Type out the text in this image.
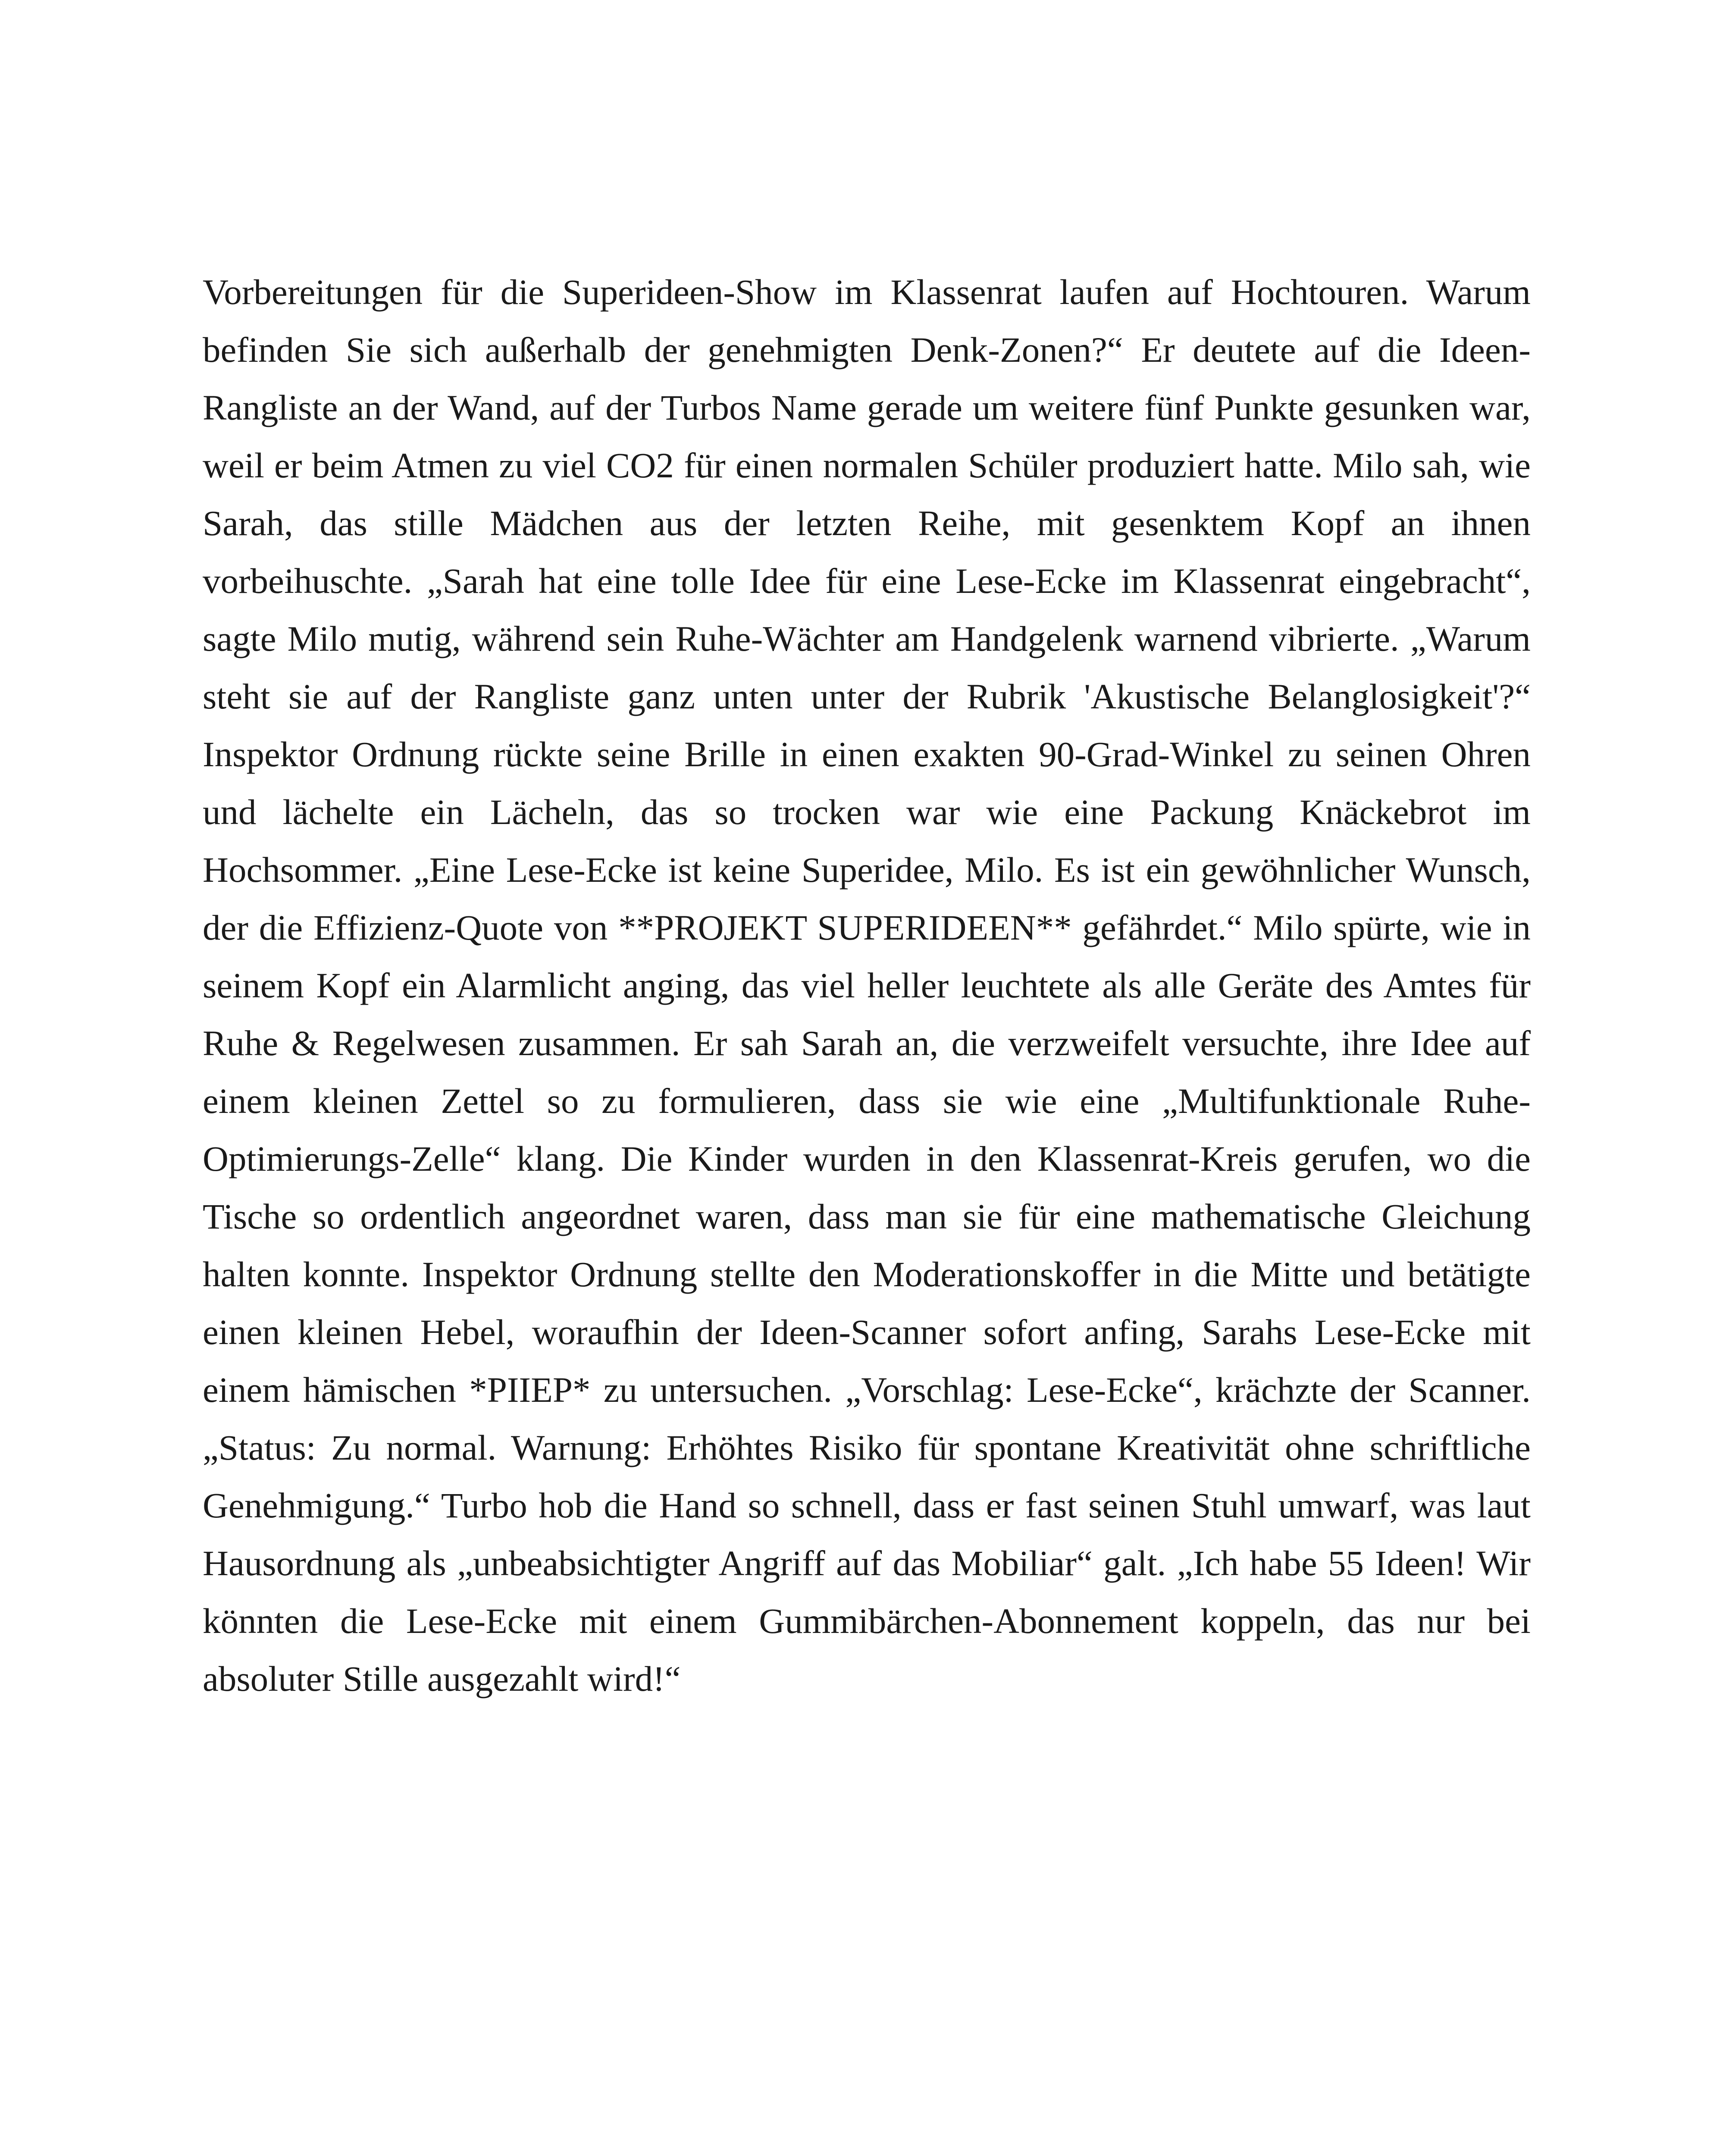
Vorbereitungen für die Superideen-Show im Klassenrat laufen auf Hochtouren. Warum befinden Sie sich außerhalb der genehmigten Denk-Zonen?“ Er deutete auf die Ideen-Rangliste an der Wand, auf der Turbos Name gerade um weitere fünf Punkte gesunken war, weil er beim Atmen zu viel CO2 für einen normalen Schüler produziert hatte. Milo sah, wie Sarah, das stille Mädchen aus der letzten Reihe, mit gesenktem Kopf an ihnen vorbeihuschte. „Sarah hat eine tolle Idee für eine Lese-Ecke im Klassenrat eingebracht“, sagte Milo mutig, während sein Ruhe-Wächter am Handgelenk warnend vibrierte. „Warum steht sie auf der Rangliste ganz unten unter der Rubrik 'Akustische Belanglosigkeit'?“ Inspektor Ordnung rückte seine Brille in einen exakten 90-Grad-Winkel zu seinen Ohren und lächelte ein Lächeln, das so trocken war wie eine Packung Knäckebrot im Hochsommer. „Eine Lese-Ecke ist keine Superidee, Milo. Es ist ein gewöhnlicher Wunsch, der die Effizienz-Quote von **PROJEKT SUPERIDEEN** gefährdet.“ Milo spürte, wie in seinem Kopf ein Alarmlicht anging, das viel heller leuchtete als alle Geräte des Amtes für Ruhe & Regelwesen zusammen. Er sah Sarah an, die verzweifelt versuchte, ihre Idee auf einem kleinen Zettel so zu formulieren, dass sie wie eine „Multifunktionale Ruhe-Optimierungs-Zelle“ klang. Die Kinder wurden in den Klassenrat-Kreis gerufen, wo die Tische so ordentlich angeordnet waren, dass man sie für eine mathematische Gleichung halten konnte. Inspektor Ordnung stellte den Moderationskoffer in die Mitte und betätigte einen kleinen Hebel, woraufhin der Ideen-Scanner sofort anfing, Sarahs Lese-Ecke mit einem hämischen *PIIEP* zu untersuchen. „Vorschlag: Lese-Ecke“, krächzte der Scanner. „Status: Zu normal. Warnung: Erhöhtes Risiko für spontane Kreativität ohne schriftliche Genehmigung.“ Turbo hob die Hand so schnell, dass er fast seinen Stuhl umwarf, was laut Hausordnung als „unbeabsichtigter Angriff auf das Mobiliar“ galt. „Ich habe 55 Ideen! Wir könnten die Lese-Ecke mit einem Gummibärchen-Abonnement koppeln, das nur bei absoluter Stille ausgezahlt wird!“
